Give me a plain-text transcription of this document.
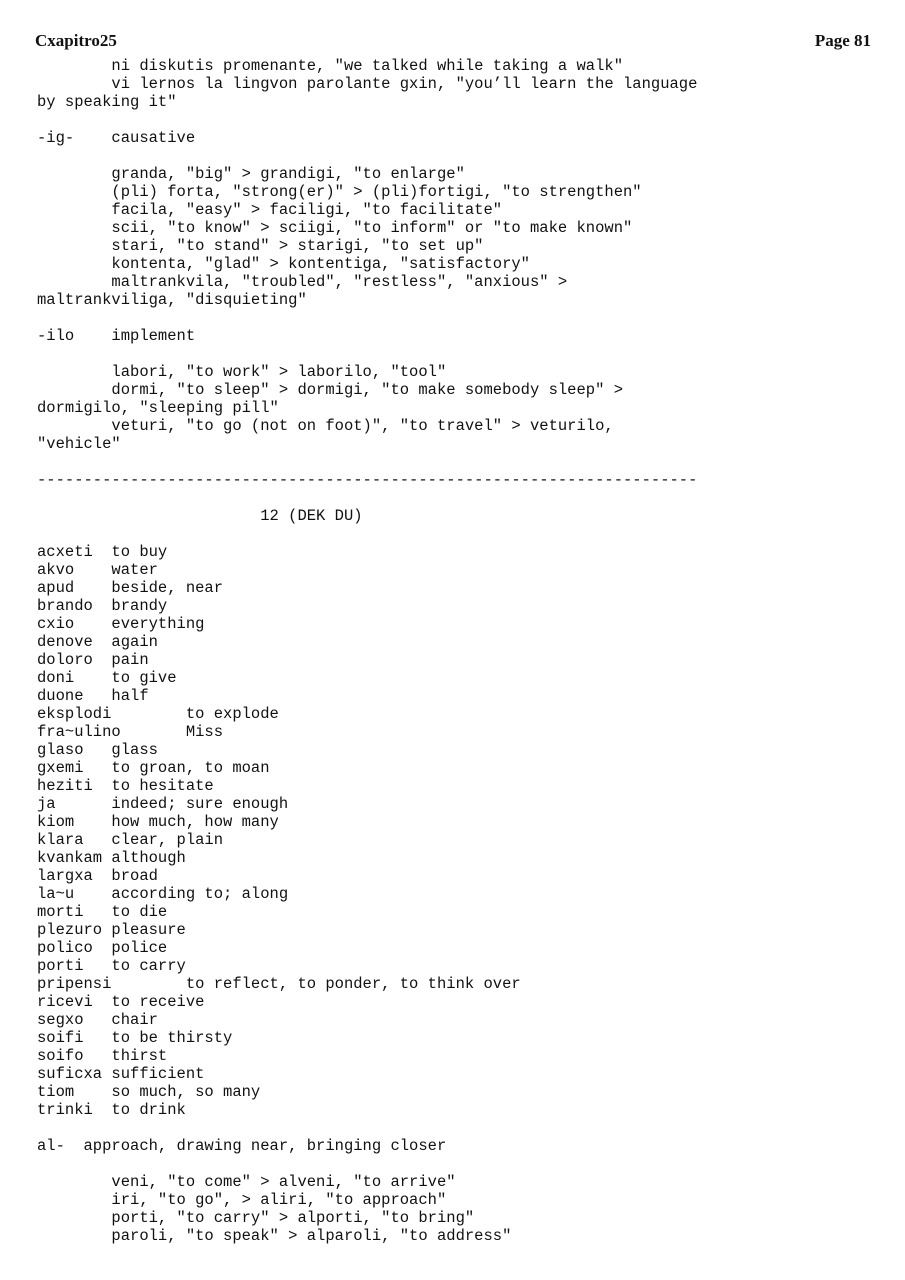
Cxapitro25	Page 81
ni diskutis promenante, "we talked while taking a walk"
vi lernos la lingvon parolante gxin, "you’ll learn the language
by speaking it"
-ig-    causative
granda, "big" > grandigi, "to enlarge"
(pli) forta, "strong(er)" > (pli)fortigi, "to strengthen"
facila, "easy" > faciligi, "to facilitate"
scii, "to know" > sciigi, "to inform" or "to make known"
stari, "to stand" > starigi, "to set up"
kontenta, "glad" > kontentiga, "satisfactory"
maltrankvila, "troubled", "restless", "anxious" >
maltrankviliga, "disquieting"
-ilo    implement
labori, "to work" > laborilo, "tool"
dormi, "to sleep" > dormigi, "to make somebody sleep" >
dormigilo, "sleeping pill"
veturi, "to go (not on foot)", "to travel" > veturilo,
"vehicle"
-----------------------------------------------------------------------
12 (DEK DU)
acxeti  to buy
akvo    water
apud    beside, near
brando  brandy
cxio    everything
denove  again
doloro  pain
doni    to give
duone   half
eksplodi        to explode
fra~ulino       Miss
glaso   glass
gxemi   to groan, to moan
heziti  to hesitate
ja      indeed; sure enough
kiom    how much, how many
klara   clear, plain
kvankam although
largxa  broad
la~u    according to; along
morti   to die
plezuro pleasure
polico  police
porti   to carry
pripensi        to reflect, to ponder, to think over
ricevi  to receive
segxo   chair
soifi   to be thirsty
soifo   thirst
suficxa sufficient
tiom    so much, so many
trinki  to drink
al-  approach, drawing near, bringing closer
veni, "to come" > alveni, "to arrive"
iri, "to go", > aliri, "to approach"
porti, "to carry" > alporti, "to bring"
paroli, "to speak" > alparoli, "to address"
